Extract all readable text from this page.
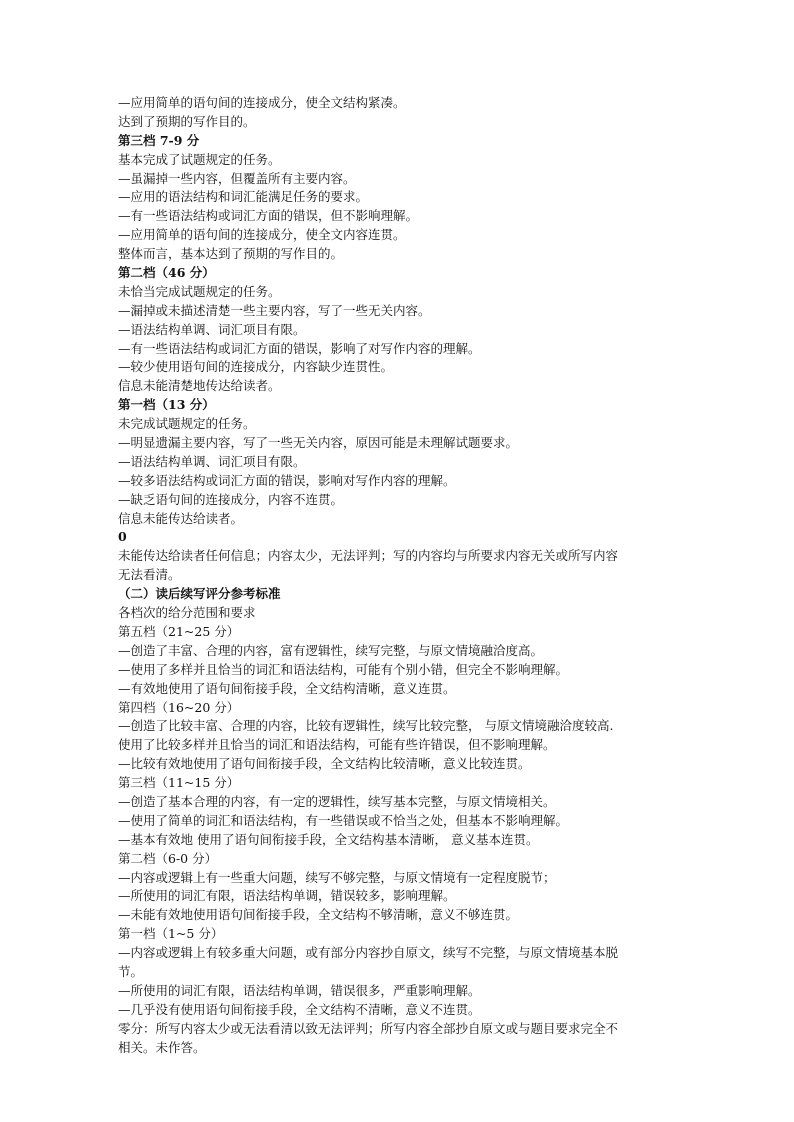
—应用简单的语句间的连接成分，使全文结构紧凑。
达到了预期的写作目的。
第三档 7-9 分
基本完成了试题规定的任务。
—虽漏掉一些内容，但覆盖所有主要内容。
—应用的语法结构和词汇能满足任务的要求。
—有一些语法结构或词汇方面的错误，但不影响理解。
—应用简单的语句间的连接成分，使全文内容连贯。
整体而言，基本达到了预期的写作目的。
第二档（46 分）
未恰当完成试题规定的任务。
—漏掉或未描述清楚一些主要内容，写了一些无关内容。
—语法结构单调、词汇项目有限。
—有一些语法结构或词汇方面的错误，影响了对写作内容的理解。
—较少使用语句间的连接成分，内容缺少连贯性。
信息未能清楚地传达给读者。
第一档（13 分）
未完成试题规定的任务。
—明显遗漏主要内容，写了一些无关内容，原因可能是未理解试题要求。
—语法结构单调、词汇项目有限。
—较多语法结构或词汇方面的错误，影响对写作内容的理解。
—缺乏语句间的连接成分，内容不连贯。
信息未能传达给读者。
0
未能传达给读者任何信息；内容太少，无法评判；写的内容均与所要求内容无关或所写内容
无法看清。
（二）读后续写评分参考标准
各档次的给分范围和要求
第五档（21~25 分）
—创造了丰富、合理的内容，富有逻辑性，续写完整，与原文情境融洽度高。
—使用了多样并且恰当的词汇和语法结构，可能有个别小错，但完全不影响理解。
—有效地使用了语句间衔接手段，全文结构清晰，意义连贯。
第四档（16~20 分）
—创造了比较丰富、合理的内容，比较有逻辑性，续写比较完整， 与原文情境融洽度较高.
使用了比较多样并且恰当的词汇和语法结构，可能有些许错误，但不影响理解。
—比较有效地使用了语句间衔接手段，全文结构比较清晰，意义比较连贯。
第三档（11~15 分）
—创造了基本合理的内容，有一定的逻辑性，续写基本完整，与原文情境相关。
—使用了简单的词汇和语法结构，有一些错误或不恰当之处，但基本不影响理解。
—基本有效地 使用了语句间衔接手段，全文结构基本清晰， 意义基本连贯。
第二档（6-0 分）
—内容或逻辑上有一些重大问题，续写不够完整，与原文情境有一定程度脱节；
—所使用的词汇有限，语法结构单调，错误较多，影响理解。
—未能有效地使用语句间衔接手段，全文结构不够清晰，意义不够连贯。
第一档（1~5 分）
—内容或逻辑上有较多重大问题，或有部分内容抄自原文，续写不完整，与原文情境基本脱
节。
—所使用的词汇有限，语法结构单调，错误很多，严重影响理解。
—几乎没有使用语句间衔接手段，全文结构不清晰，意义不连贯。
零分：所写内容太少或无法看清以致无法评判；所写内容全部抄自原文或与题目要求完全不
相关。未作答。
